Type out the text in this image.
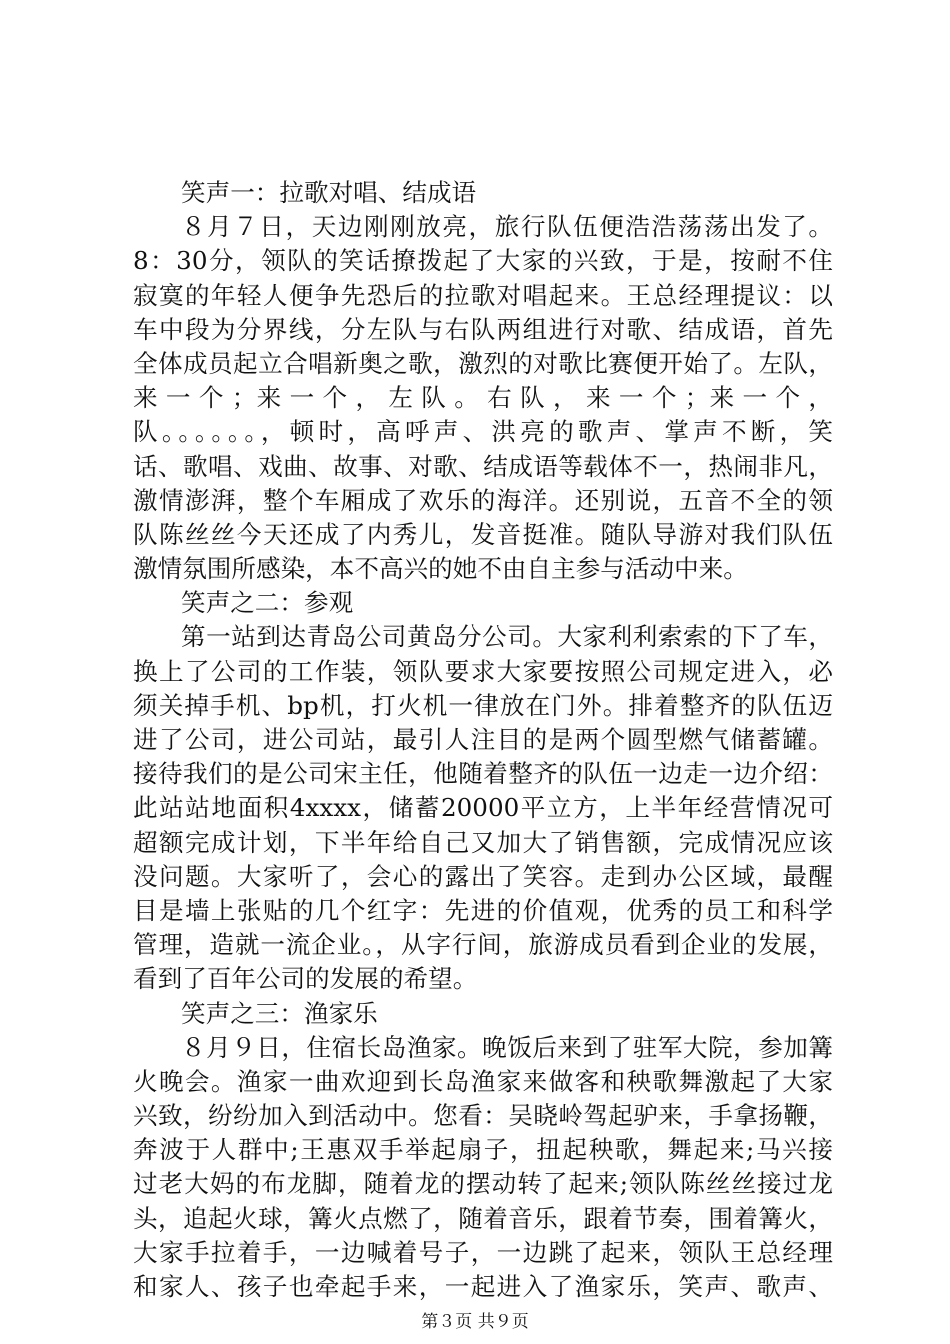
笑声一：拉歌对唱、结成语
８月７日，天边刚刚放亮，旅行队伍便浩浩荡荡出发了。
8：30分，领队的笑话撩拨起了大家的兴致，于是，按耐不住
寂寞的年轻人便争先恐后的拉歌对唱起来。王总经理提议：以
车中段为分界线，分左队与右队两组进行对歌、结成语，首先
全体成员起立合唱新奥之歌，激烈的对歌比赛便开始了。左队，
来 一 个 ；来 一 个 ， 左 队 。 右 队 ， 来 一 个 ；来 一 个 ，
队。。。。。。，顿时，高呼声、洪亮的歌声、掌声不断，笑
话、歌唱、戏曲、故事、对歌、结成语等载体不一，热闹非凡，
激情澎湃，整个车厢成了欢乐的海洋。还别说，五音不全的领
队陈丝丝今天还成了内秀儿，发音挺准。随队导游对我们队伍
激情氛围所感染，本不高兴的她不由自主参与活动中来。
笑声之二：参观
第一站到达青岛公司黄岛分公司。大家利利索索的下了车，
换上了公司的工作装，领队要求大家要按照公司规定进入，必
须关掉手机、bp机，打火机一律放在门外。排着整齐的队伍迈
进了公司，进公司站，最引人注目的是两个圆型燃气储蓄罐。
接待我们的是公司宋主任，他随着整齐的队伍一边走一边介绍：
此站站地面积4xxxx，储蓄20000平立方，上半年经营情况可
超额完成计划，下半年给自己又加大了销售额，完成情况应该
没问题。大家听了，会心的露出了笑容。走到办公区域，最醒
目是墙上张贴的几个红字：先进的价值观，优秀的员工和科学
管理，造就一流企业。，从字行间，旅游成员看到企业的发展，
看到了百年公司的发展的希望。
笑声之三：渔家乐
８月９日，住宿长岛渔家。晚饭后来到了驻军大院，参加篝
火晚会。渔家一曲欢迎到长岛渔家来做客和秧歌舞激起了大家
兴致，纷纷加入到活动中。您看：吴晓岭驾起驴来，手拿扬鞭，
奔波于人群中;王惠双手举起扇子，扭起秧歌，舞起来;马兴接
过老大妈的布龙脚，随着龙的摆动转了起来;领队陈丝丝接过龙
头，追起火球，篝火点燃了，随着音乐，跟着节奏，围着篝火，
大家手拉着手，一边喊着号子，一边跳了起来，领队王总经理
和家人、孩子也牵起手来，一起进入了渔家乐，笑声、歌声、
第３页 共９页
